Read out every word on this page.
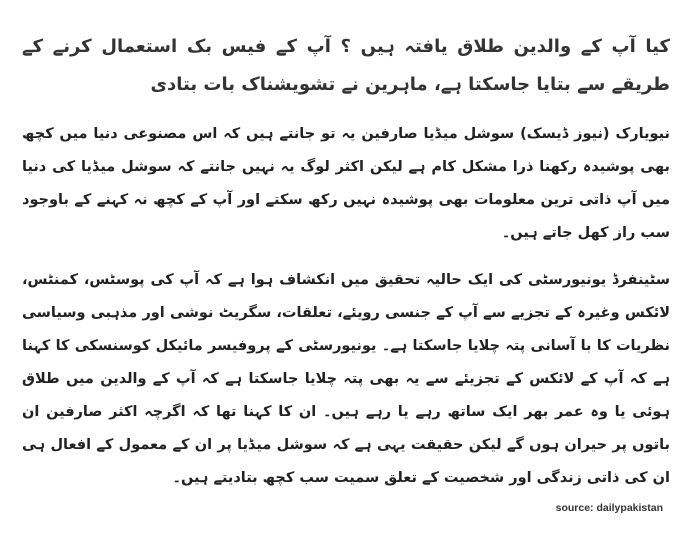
کیا آپ کے والدین طلاق یافتہ ہیں ؟ آپ کے فیس بک استعمال کرنے کے طریقے سے بتایا جاسکتا ہے، ماہرین نے تشویشناک بات بتادی
نیویارک (نیوز ڈیسک) سوشل میڈیا صارفین یہ تو جانتے ہیں کہ اس مصنوعی دنیا میں کچھ بھی پوشیدہ رکھنا ذرا مشکل کام ہے لیکن اکثر لوگ یہ نہیں جانتے کہ سوشل میڈیا کی دنیا میں آپ ذاتی ترین معلومات بھی پوشیدہ نہیں رکھ سکتے اور آپ کے کچھ نہ کہنے کے باوجود سب راز کھل جاتے ہیں۔
سٹینفرڈ یونیورسٹی کی ایک حالیہ تحقیق میں انکشاف ہوا ہے کہ آپ کی پوسٹس، کمنٹس، لائکس وغیرہ کے تجزیے سے آپ کے جنسی رویئے، تعلقات، سگریٹ نوشی اور مذہبی وسیاسی نظریات کا با آسانی پتہ چلایا جاسکتا ہے۔ یونیورسٹی کے پروفیسر مائیکل کوسنسکی کا کہنا ہے کہ آپ کے لائکس کے تجزیئے سے یہ بھی پتہ چلایا جاسکتا ہے کہ آپ کے والدین میں طلاق ہوئی یا وہ عمر بھر ایک ساتھ رہے یا رہے ہیں۔ ان کا کہنا تھا کہ اگرچہ اکثر صارفین ان باتوں پر حیران ہوں گے لیکن حقیقت یہی ہے کہ سوشل میڈیا پر ان کے معمول کے افعال ہی ان کی ذاتی زندگی اور شخصیت کے تعلق سمیت سب کچھ بتادیتے ہیں۔
source: dailypakistan
